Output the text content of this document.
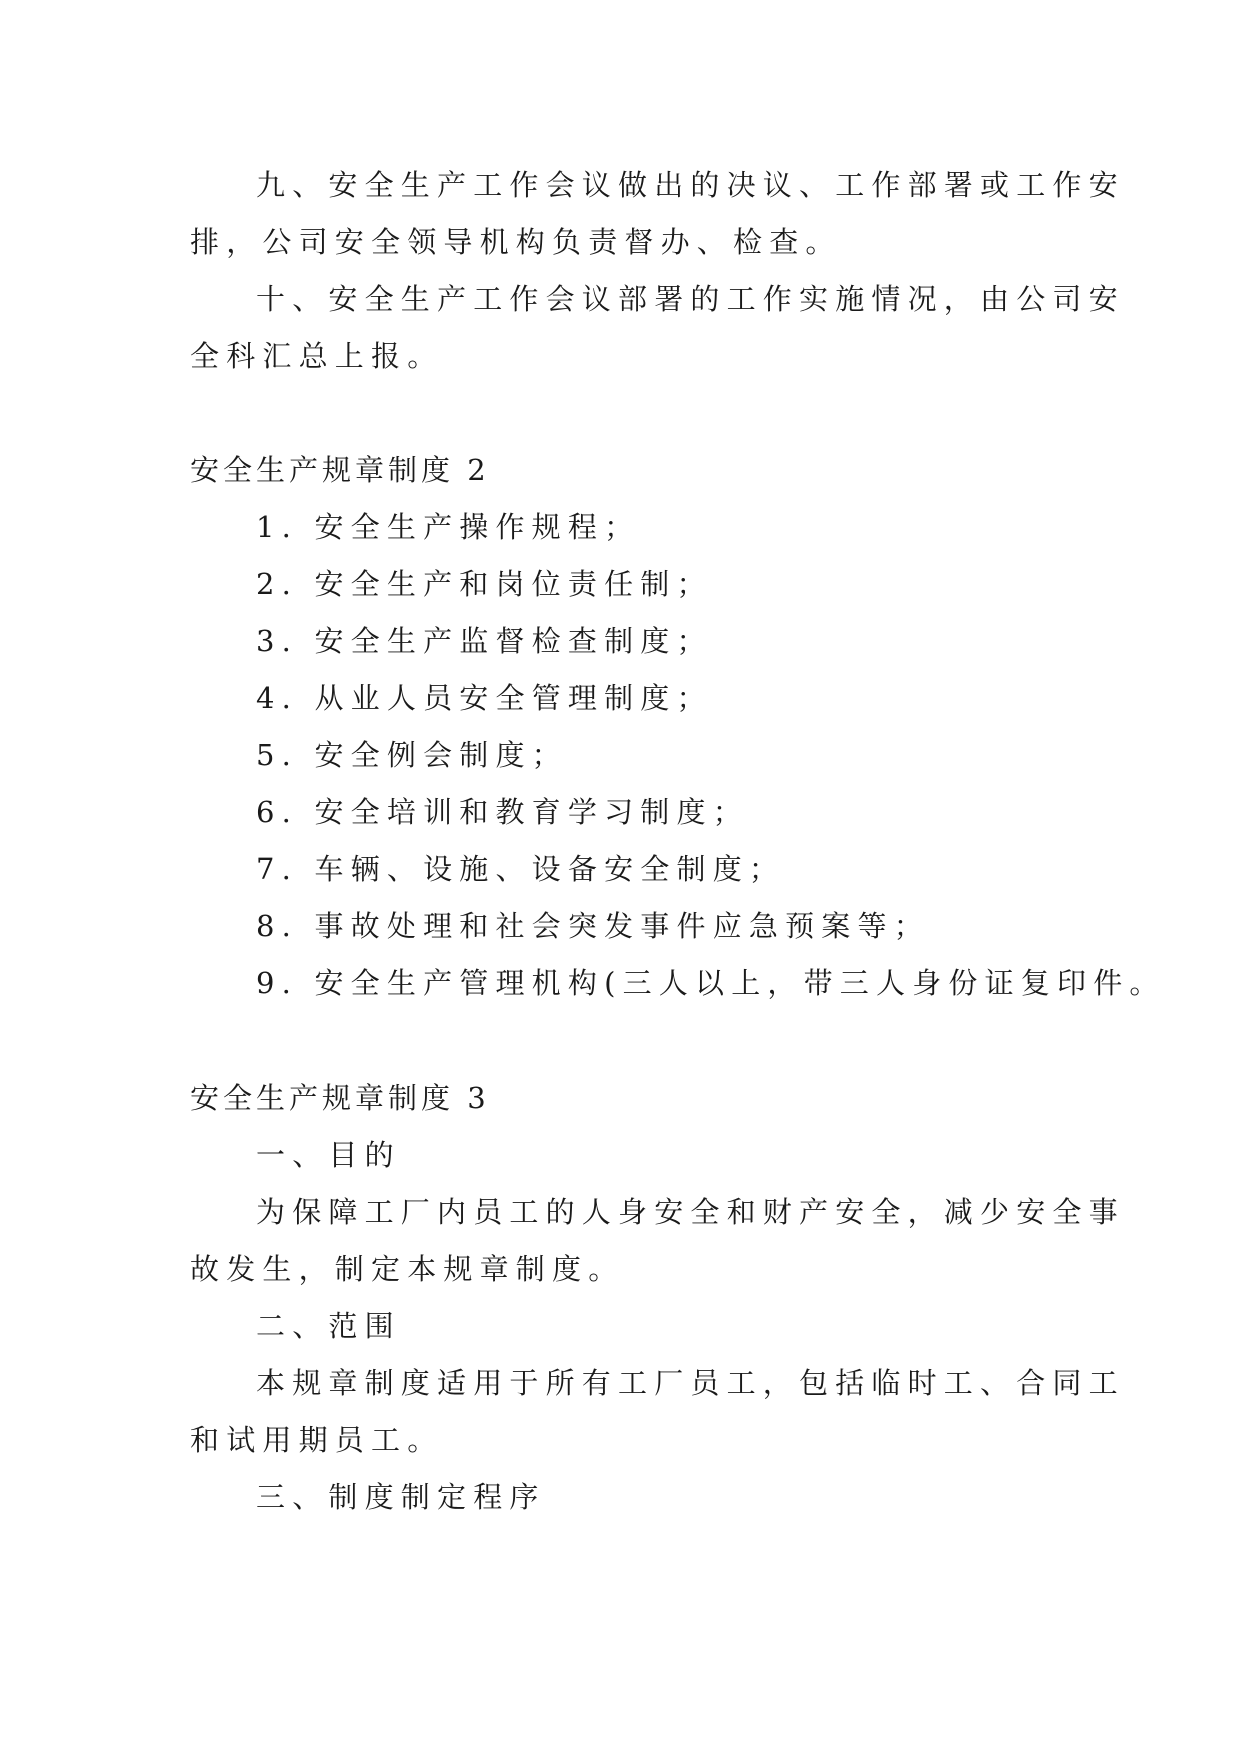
九、安全生产工作会议做出的决议、工作部署或工作安
排，公司安全领导机构负责督办、检查。
十、安全生产工作会议部署的工作实施情况，由公司安
全科汇总上报。
安全生产规章制度 2
1. 安全生产操作规程；
2. 安全生产和岗位责任制；
3. 安全生产监督检查制度；
4. 从业人员安全管理制度；
5. 安全例会制度；
6. 安全培训和教育学习制度；
7. 车辆、设施、设备安全制度；
8. 事故处理和社会突发事件应急预案等；
9. 安全生产管理机构(三人以上，带三人身份证复印件。
安全生产规章制度 3
一、目的
为保障工厂内员工的人身安全和财产安全，减少安全事
故发生，制定本规章制度。
二、范围
本规章制度适用于所有工厂员工，包括临时工、合同工
和试用期员工。
三、制度制定程序
